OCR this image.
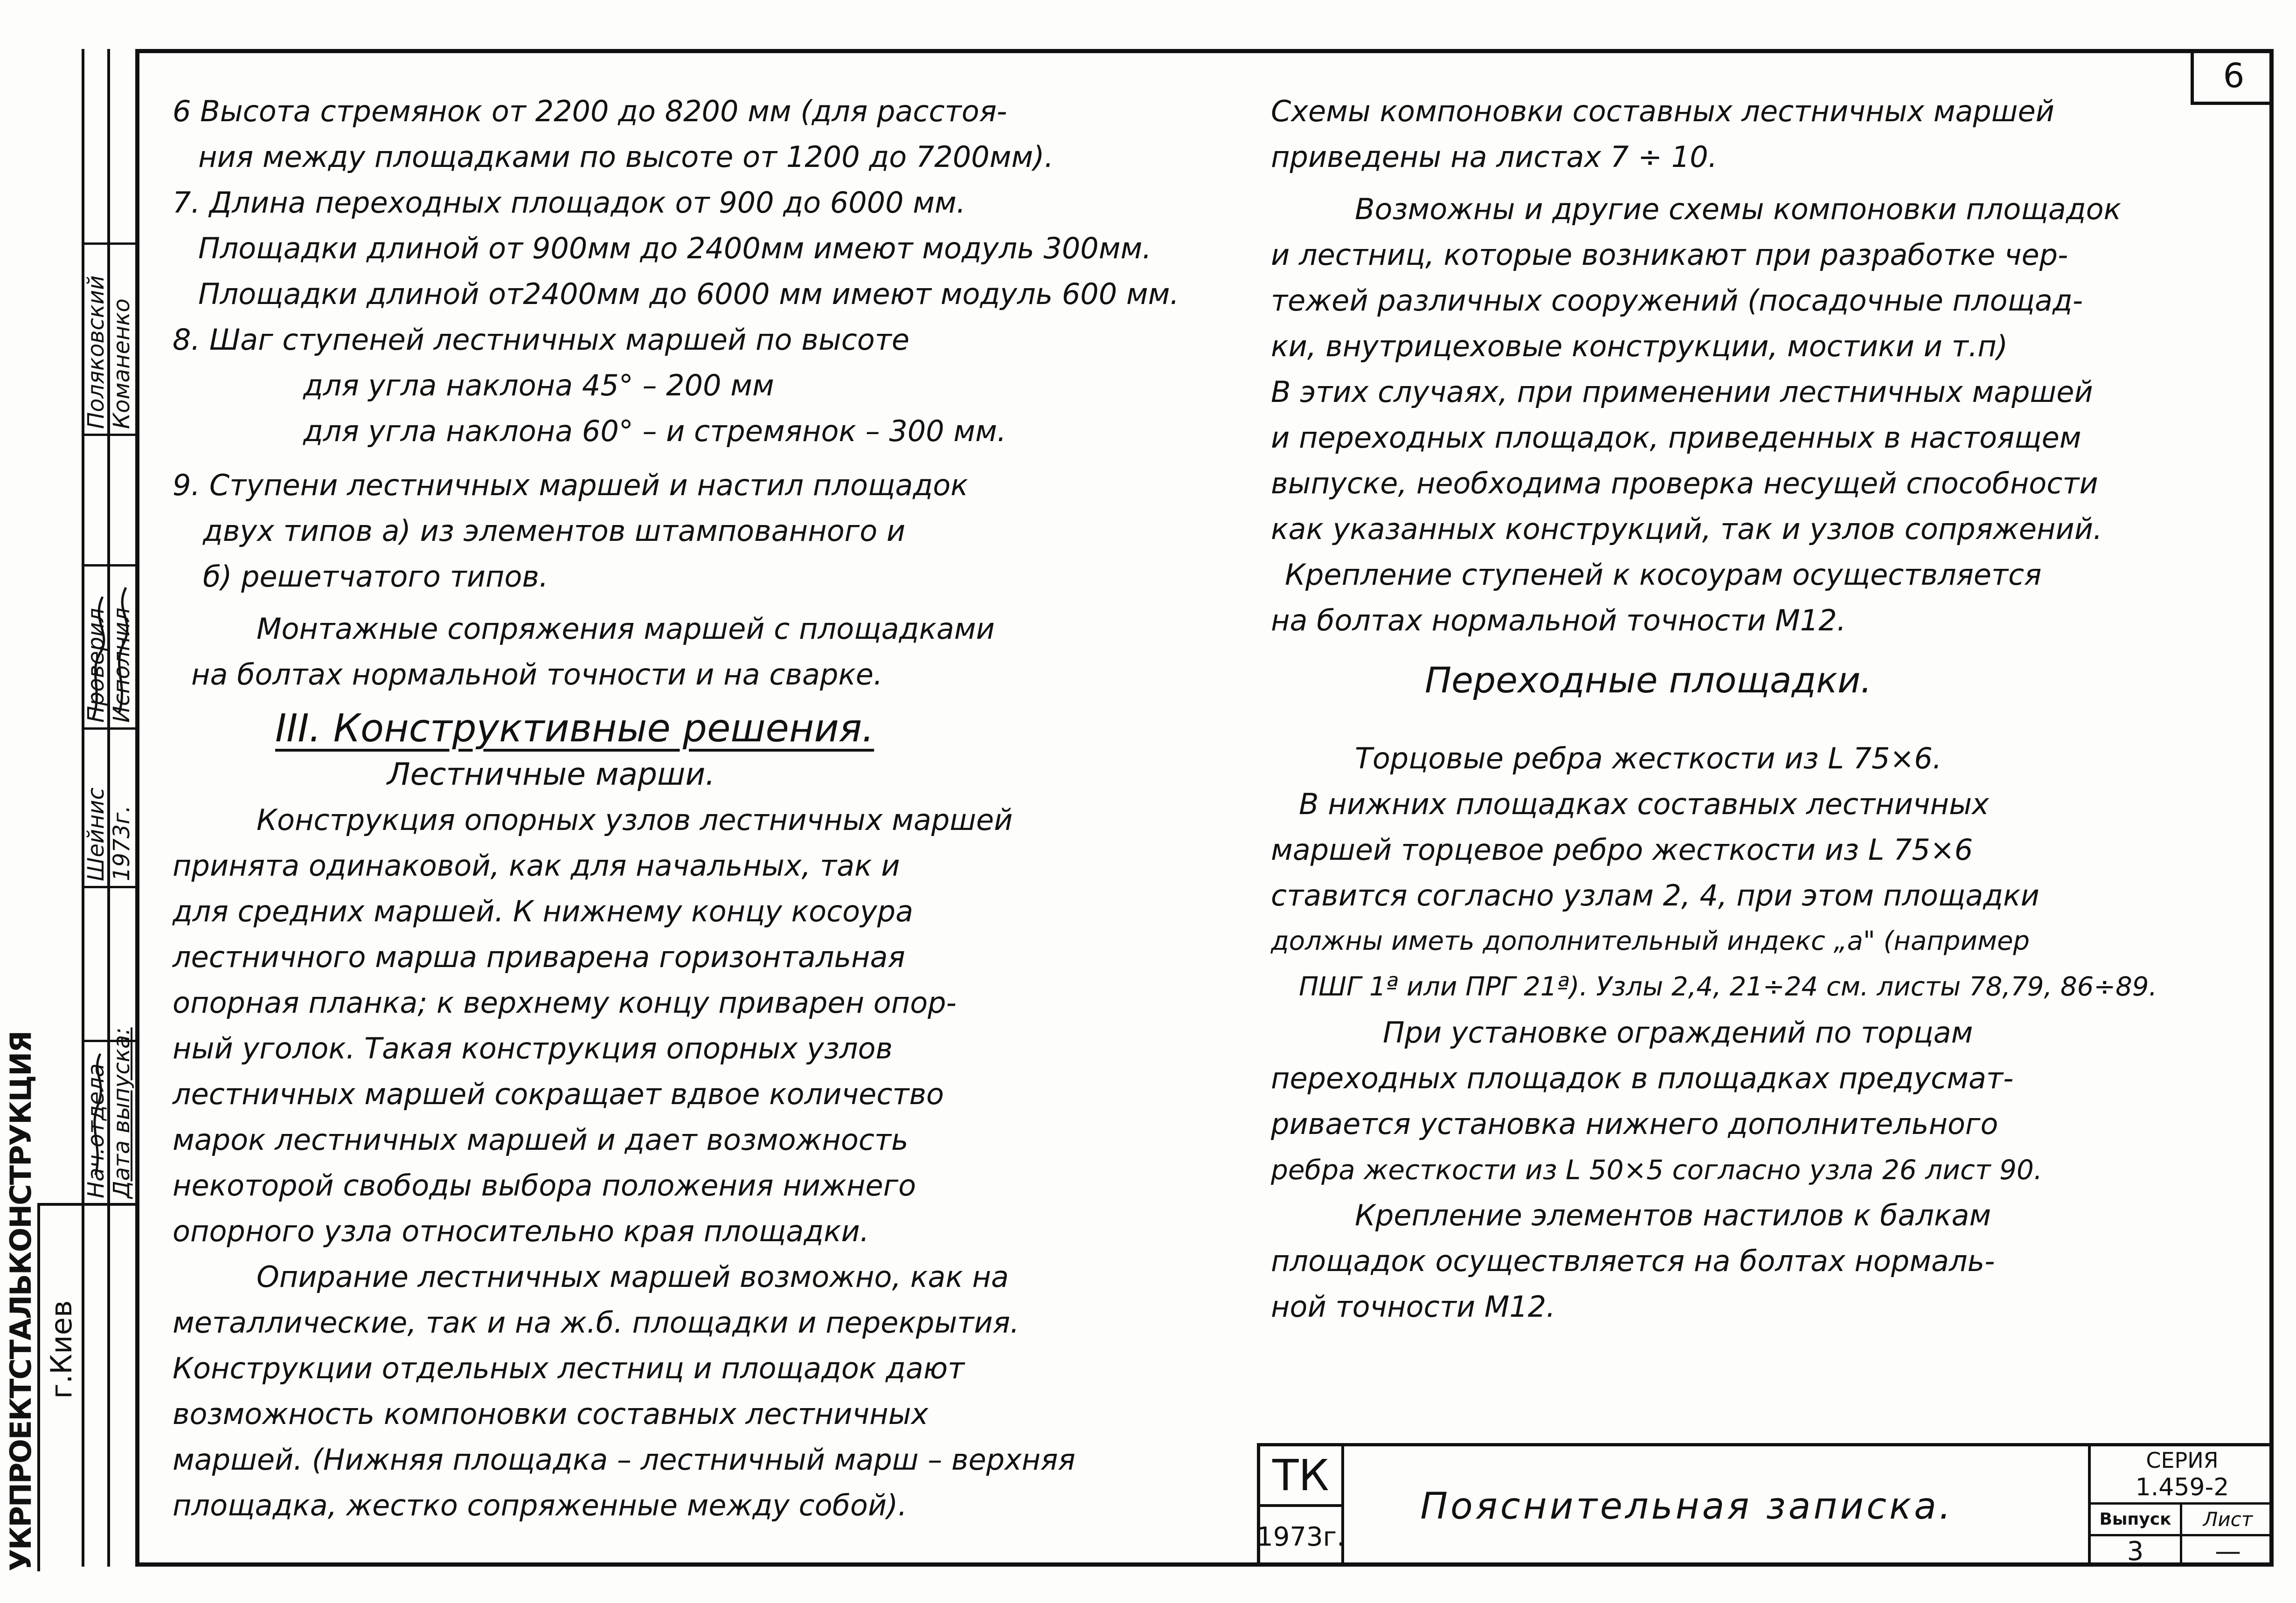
6
УКРПРОЕКТСТАЛЬКОНСТРУКЦИЯ г.Киев
Нач.отдела
Проверил Исполнил
Шейнис
Поляковский Команенко
Дата выпуска:
1973г.

6 Высота стремянок от 2200 до 8200 мм (для расстоя-

ния между площадками по высоте от 1200 до 7200мм).

7. Длина переходных площадок от 900 до 6000 мм.

Площадки длиной от 900мм до 2400мм имеют модуль 300мм.

Площадки длиной от2400мм до 6000 мм имеют модуль 600 мм.

8. Шаг ступеней лестничных маршей по высоте

для угла наклона 45° – 200 мм

для угла наклона 60° – и стремянок – 300 мм.

9. Ступени лестничных маршей и настил площадок

двух типов а) из элементов штампованного и

б) решетчатого типов.

Монтажные сопряжения маршей с площадками

на болтах нормальной точности и на сварке.

III. Конструктивные решения.

Лестничные марши.

Конструкция опорных узлов лестничных маршей

принята одинаковой, как для начальных, так и

для средних маршей. К нижнему концу косоура

лестничного марша приварена горизонтальная

опорная планка; к верхнему концу приварен опор-

ный уголок. Такая конструкция опорных узлов

лестничных маршей сокращает вдвое количество

марок лестничных маршей и дает возможность

некоторой свободы выбора положения нижнего

опорного узла относительно края площадки.

Опирание лестничных маршей возможно, как на

металлические, так и на ж.б. площадки и перекрытия.

Конструкции отдельных лестниц и площадок дают

возможность компоновки составных лестничных

маршей. (Нижняя площадка – лестничный марш – верхняя

площадка, жестко сопряженные между собой).

Схемы компоновки составных лестничных маршей

приведены на листах 7 ÷ 10.

Возможны и другие схемы компоновки площадок

и лестниц, которые возникают при разработке чер-

тежей различных сооружений (посадочные площад-

ки, внутрицеховые конструкции, мостики и т.п)

В этих случаях, при применении лестничных маршей

и переходных площадок, приведенных в настоящем

выпуске, необходима проверка несущей способности

как указанных конструкций, так и узлов сопряжений.

Крепление ступеней к косоурам осуществляется

на болтах нормальной точности М12.

Переходные площадки.

Торцовые ребра жесткости из L 75×6.

В нижних площадках составных лестничных

маршей торцевое ребро жесткости из L 75×6

ставится согласно узлам 2, 4, при этом площадки

должны иметь дополнительный индекс „а" (например

ПШГ 1ª или ПРГ 21ª). Узлы 2,4, 21÷24 см. листы 78,79, 86÷89.

При установке ограждений по торцам

переходных площадок в площадках предусмат-

ривается установка нижнего дополнительного

ребра жесткости из L 50×5 согласно узла 26 лист 90.

Крепление элементов настилов к балкам

площадок осуществляется на болтах нормаль-

ной точности М12.

ТК
1973г.
Пояснительная записка.
СЕРИЯ
1.459-2
Выпуск	Лист
3	—
